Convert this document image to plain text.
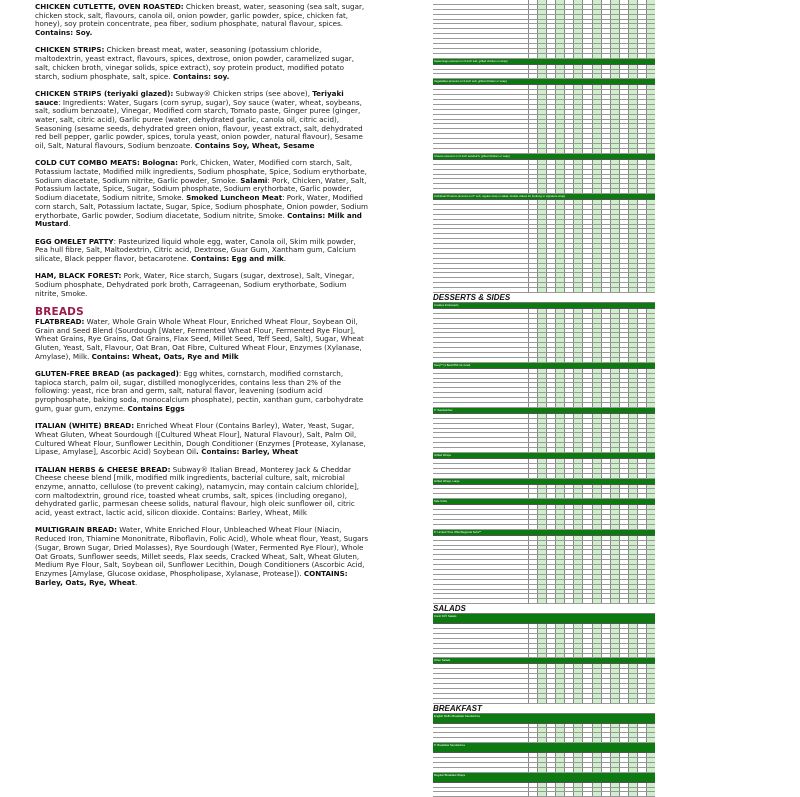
CHICKEN CUTLETTE, OVEN ROASTED: Chicken breast, water, seasoning (sea salt, sugar, chicken stock, salt, flavours, canola oil, onion powder, garlic powder, spice, chicken fat, honey), soy protein concentrate, pea fiber, sodium phosphate, natural flavour, spices. Contains: Soy.

CHICKEN STRIPS: Chicken breast meat, water, seasoning (potassium chloride, maltodextrin, yeast extract, flavours, spices, dextrose, onion powder, caramelized sugar, salt, chicken broth, vinegar solids, spice extract), soy protein product, modified potato starch, sodium phosphate, salt, spice. Contains: soy.

CHICKEN STRIPS (teriyaki glazed): Subway® Chicken strips (see above), Teriyaki sauce: Ingredients: Water, Sugars (corn syrup, sugar), Soy sauce (water, wheat, soybeans, salt, sodium benzoate), Vinegar, Modified corn starch, Tomato paste, Ginger puree (ginger, water, salt, citric acid), Garlic puree (water, dehydrated garlic, canola oil, citric acid), Seasoning (sesame seeds, dehydrated green onion, flavour, yeast extract, salt, dehydrated red bell pepper, garlic powder, spices, torula yeast, onion powder, natural flavour), Sesame oil, Salt, Natural flavours, Sodium benzoate. Contains Soy, Wheat, Sesame

COLD CUT COMBO MEATS: Bologna: Pork, Chicken, Water, Modified corn starch, Salt, Potassium lactate, Modified milk ingredients, Sodium phosphate, Spice, Sodium erythorbate, Sodium diacetate, Sodium nitrite, Garlic powder, Smoke. Salami: Pork, Chicken, Water, Salt, Potassium lactate, Spice, Sugar, Sodium phosphate, Sodium erythorbate, Garlic powder, Sodium diacetate, Sodium nitrite, Smoke. Smoked Luncheon Meat: Pork, Water, Modified corn starch, Salt, Potassium lactate, Sugar, Spice, Sodium phosphate, Onion powder, Sodium erythorbate, Garlic powder, Sodium diacetate, Sodium nitrite, Smoke. Contains: Milk and Mustard.

EGG OMELET PATTY: Pasteurized liquid whole egg, water, Canola oil, Skim milk powder, Pea hull fibre, Salt, Maltodextrin, Citric acid, Dextrose, Guar Gum, Xantham gum, Calcium silicate, Black pepper flavor, betacarotene. Contains: Egg and milk.

HAM, BLACK FOREST: Pork, Water, Rice starch, Sugars (sugar, dextrose), Salt, Vinegar, Sodium phosphate, Dehydrated pork broth, Carrageenan, Sodium erythorbate, Sodium nitrite, Smoke.

BREADS

FLATBREAD: Water, Whole Grain Whole Wheat Flour, Enriched Wheat Flour, Soybean Oil, Grain and Seed Blend (Sourdough [Water, Fermented Wheat Flour, Fermented Rye Flour], Wheat Grains, Rye Grains, Oat Grains, Flax Seed, Millet Seed, Teff Seed, Salt), Sugar, Wheat Gluten, Yeast, Salt, Flavour, Oat Bran, Oat Fibre, Cultured Wheat Flour, Enzymes (Xylanase, Amylase), Milk. Contains: Wheat, Oats, Rye and Milk

GLUTEN-FREE BREAD (as packaged): Egg whites, cornstarch, modified cornstarch, tapioca starch, palm oil, sugar, distilled monoglycerides, contains less than 2% of the following: yeast, rice bran and germ, salt, natural flavor, leavening (sodium acid pyrophosphate, baking soda, monocalcium phosphate), pectin, xanthan gum, carbohydrate gum, guar gum, enzyme. Contains Eggs

ITALIAN (WHITE) BREAD: Enriched Wheat Flour (Contains Barley), Water, Yeast, Sugar, Wheat Gluten, Wheat Sourdough ([Cultured Wheat Flour], Natural Flavour), Salt, Palm Oil, Cultured Wheat Flour, Sunflower Lecithin, Dough Conditioner (Enzymes [Protease, Xylanase, Lipase, Amylase], Ascorbic Acid) Soybean Oil. Contains: Barley, Wheat

ITALIAN HERBS & CHEESE BREAD: Subway® Italian Bread, Monterey Jack & Cheddar Cheese cheese blend [milk, modified milk ingredients, bacterial culture, salt, microbial enzyme, annatto, cellulose (to prevent caking), natamycin, may contain calcium chloride], corn maltodextrin, ground rice, toasted wheat crumbs, salt, spices (including oregano), dehydrated garlic, parmesan cheese solids, natural flavour, high oleic sunflower oil, citric acid, yeast extract, lactic acid, silicon dioxide. Contains: Barley, Wheat, Milk

MULTIGRAIN BREAD: Water, White Enriched Flour, Unbleached Wheat Flour (Niacin, Reduced Iron, Thiamine Mononitrate, Riboflavin, Folic Acid), Whole wheat flour, Yeast, Sugars (Sugar, Brown Sugar, Dried Molasses), Rye Sourdough (Water, Fermented Rye Flour), Whole Oat Groats, Sunflower seeds, Millet seeds, Flax seeds, Cracked Wheat, Salt, Wheat Gluten, Medium Rye Flour, Salt, Soybean oil, Sunflower Lecithin, Dough Conditioners (Ascorbic Acid, Enzymes [Amylase, Glucose oxidase, Phospholipase, Xylanase, Protease]). CONTAINS: Barley, Oats, Rye, Wheat.

Seasonings (amount on 6-inch sub; grilled chicken or wrap)
Vegetables (amount on 6-inch sub; grilled chicken or wrap)
Cheese (amount on 6-inch sandwich; grilled chicken or wrap)
Individual Proteins (amount on 6" sub; regular wrap or salad; double values for footlong or signature wrap)
DESSERTS & SIDES
Cookies & Desserts
Soup** (1 Bowl/250 mL bowl)
6" Sandwiches
Grilled Wraps
Grilled Wraps, Large
Side Kicks
6" Limited Time Offer/Regional Subs**
SALADS
Fresh Fit® Salads
Other Salads
BREAKFAST
English Muffin Breakfast Sandwiches
6" Breakfast Sandwiches
Regular Breakfast Wraps
